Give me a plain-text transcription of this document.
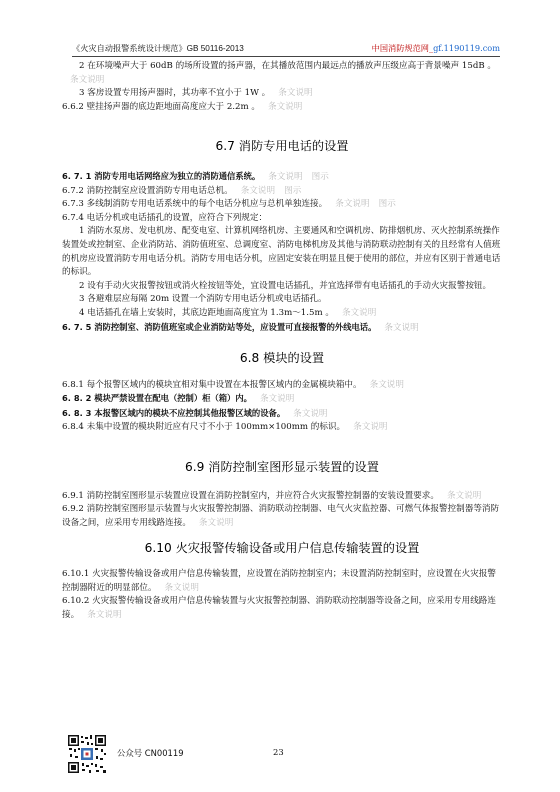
《火灾自动报警系统设计规范》GB 50116-2013	中国消防规范网_gf.1190119.com

2 在环境噪声大于 60dB 的场所设置的扬声器，在其播放范围内最远点的播放声压级应高于背景噪声 15dB 。条文说明

3 客房设置专用扬声器时，其功率不宜小于 1W 。 条文说明

6.6.2 壁挂扬声器的底边距地面高度应大于 2.2m 。 条文说明

6.7 消防专用电话的设置

6. 7. 1 消防专用电话网络应为独立的消防通信系统。 条文说明 图示

6.7.2 消防控制室应设置消防专用电话总机。 条文说明 图示

6.7.3 多线制消防专用电话系统中的每个电话分机应与总机单独连接。 条文说明 图示

6.7.4 电话分机或电话插孔的设置，应符合下列规定：

1 消防水泵房、发电机房、配变电室、计算机网络机房、主要通风和空调机房、防排烟机房、灭火控制系统操作装置处或控制室、企业消防站、消防值班室、总调度室、消防电梯机房及其他与消防联动控制有关的且经常有人值班的机房应设置消防专用电话分机。消防专用电话分机，应固定安装在明显且便于使用的部位，并应有区别于普通电话的标识。

2 设有手动火灾报警按钮或消火栓按钮等处，宜设置电话插孔，并宜选择带有电话插孔的手动火灾报警按钮。

3 各避难层应每隔 20m 设置一个消防专用电话分机或电话插孔。

4 电话插孔在墙上安装时，其底边距地面高度宜为 1.3m～1.5m 。 条文说明

6. 7. 5 消防控制室、消防值班室或企业消防站等处，应设置可直接报警的外线电话。 条文说明

6.8 模块的设置

6.8.1 每个报警区域内的模块宜相对集中设置在本报警区域内的金属模块箱中。 条文说明

6. 8. 2 模块严禁设置在配电（控制）柜（箱）内。 条文说明

6. 8. 3 本报警区域内的模块不应控制其他报警区域的设备。 条文说明

6.8.4 未集中设置的模块附近应有尺寸不小于 100mm×100mm 的标识。 条文说明

6.9 消防控制室图形显示装置的设置

6.9.1 消防控制室图形显示装置应设置在消防控制室内，并应符合火灾报警控制器的安装设置要求。 条文说明

6.9.2 消防控制室图形显示装置与火灾报警控制器、消防联动控制器、电气火灾监控器、可燃气体报警控制器等消防设备之间，应采用专用线路连接。 条文说明

6.10 火灾报警传输设备或用户信息传输装置的设置

6.10.1 火灾报警传输设备或用户信息传输装置，应设置在消防控制室内；未设置消防控制室时，应设置在火灾报警控制器附近的明显部位。 条文说明

6.10.2 火灾报警传输设备或用户信息传输装置与火灾报警控制器、消防联动控制器等设备之间，应采用专用线路连接。 条文说明

公众号 CN00119	23
